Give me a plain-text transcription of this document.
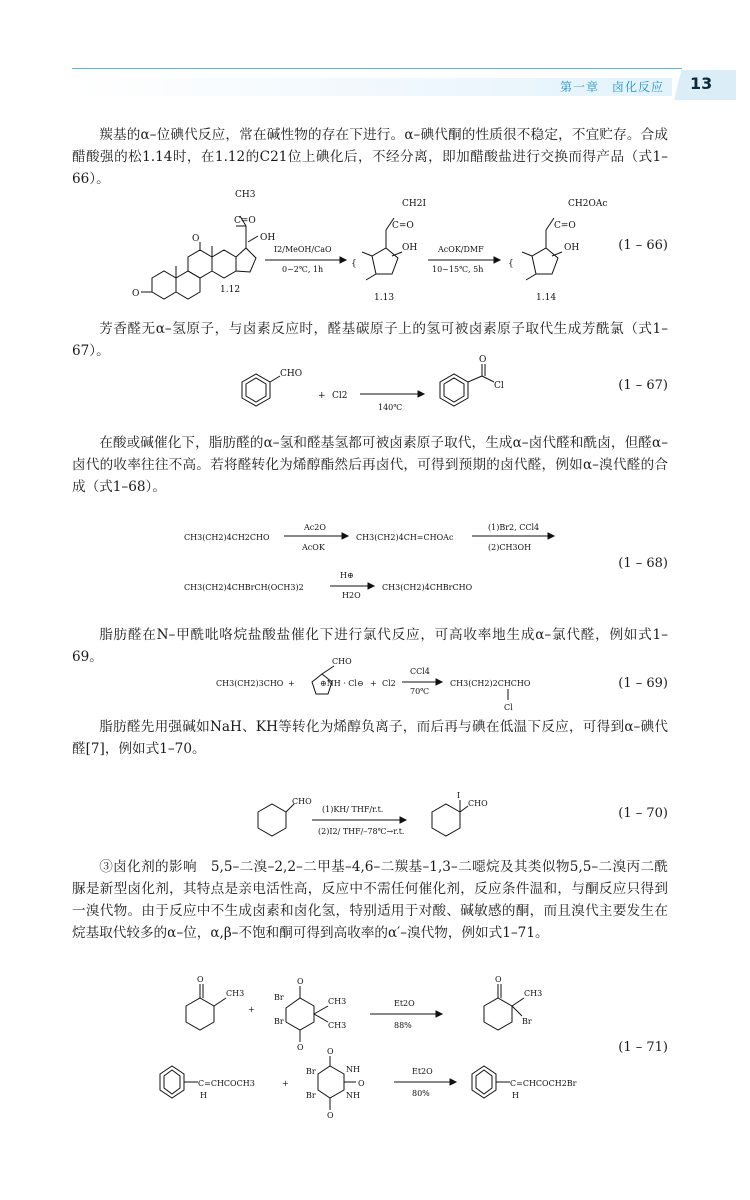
第一章　卤化反应 13

羰基的α–位碘代反应，常在碱性物的存在下进行。α–碘代酮的性质很不稳定，不宜贮存。合成醋酸强的松1.14时，在1.12的C21位上碘化后，不经分离，即加醋酸盐进行交换而得产品（式1–66）。

CH3
C=O
OH
O
O	1.12
I2/MeOH/CaO
0~2℃, 1h
{
CH2I
C=O
OH
1.13
AcOK/DMF
10~15℃, 5h
{
CH2OAc
C=O
OH
1.14
(1 – 66)

芳香醛无α–氢原子，与卤素反应时，醛基碳原子上的氢可被卤素原子取代生成芳酰氯（式1–67）。

CHO
+ Cl2
140℃
O
Cl	(1 – 67)

在酸或碱催化下，脂肪醛的α–氢和醛基氢都可被卤素原子取代，生成α–卤代醛和酰卤，但醛α–卤代的收率往往不高。若将醛转化为烯醇酯然后再卤代，可得到预期的卤代醛，例如α–溴代醛的合成（式1–68）。

CH3(CH2)4CH2CHO
Ac2O
AcOK
CH3(CH2)4CH=CHOAc
(1)Br2, CCl4
(2)CH3OH
CH3(CH2)4CHBrCH(OCH3)2
H⊕
H2O
CH3(CH2)4CHBrCHO
(1 – 68)

脂肪醛在N–甲酰吡咯烷盐酸盐催化下进行氯代反应，可高收率地生成α–氯代醛，例如式1–69。

CH3(CH2)3CHO +
CHO
⊕NH · Cl⊖ + Cl2
CCl4
70℃
CH3(CH2)2CHCHO
Cl
(1 – 69)

脂肪醛先用强碱如NaH、KH等转化为烯醇负离子，而后再与碘在低温下反应，可得到α–碘代醛[7]，例如式1–70。

CHO
(1)KH/ THF/r.t.
(2)I2/ THF/–78℃→r.t.
I
CHO
(1 – 70)

③卤化剂的影响　5,5–二溴–2,2–二甲基–4,6–二羰基–1,3–二噁烷及其类似物5,5–二溴丙二酰脲是新型卤化剂，其特点是亲电活性高，反应中不需任何催化剂，反应条件温和，与酮反应只得到一溴代物。由于反应中不生成卤素和卤化氢，特别适用于对酸、碱敏感的酮，而且溴代主要发生在烷基取代较多的α–位，α,β–不饱和酮可得到高收率的α′–溴代物，例如式1–71。

O
CH3
+
Br
Br
O
O
CH3
CH3
Et2O
88%
O
CH3
Br
C=CHCOCH3
H
+
Br
Br
O
O
NH
NH
O
Et2O
80%
C=CHCOCH2Br
H
(1 – 71)
